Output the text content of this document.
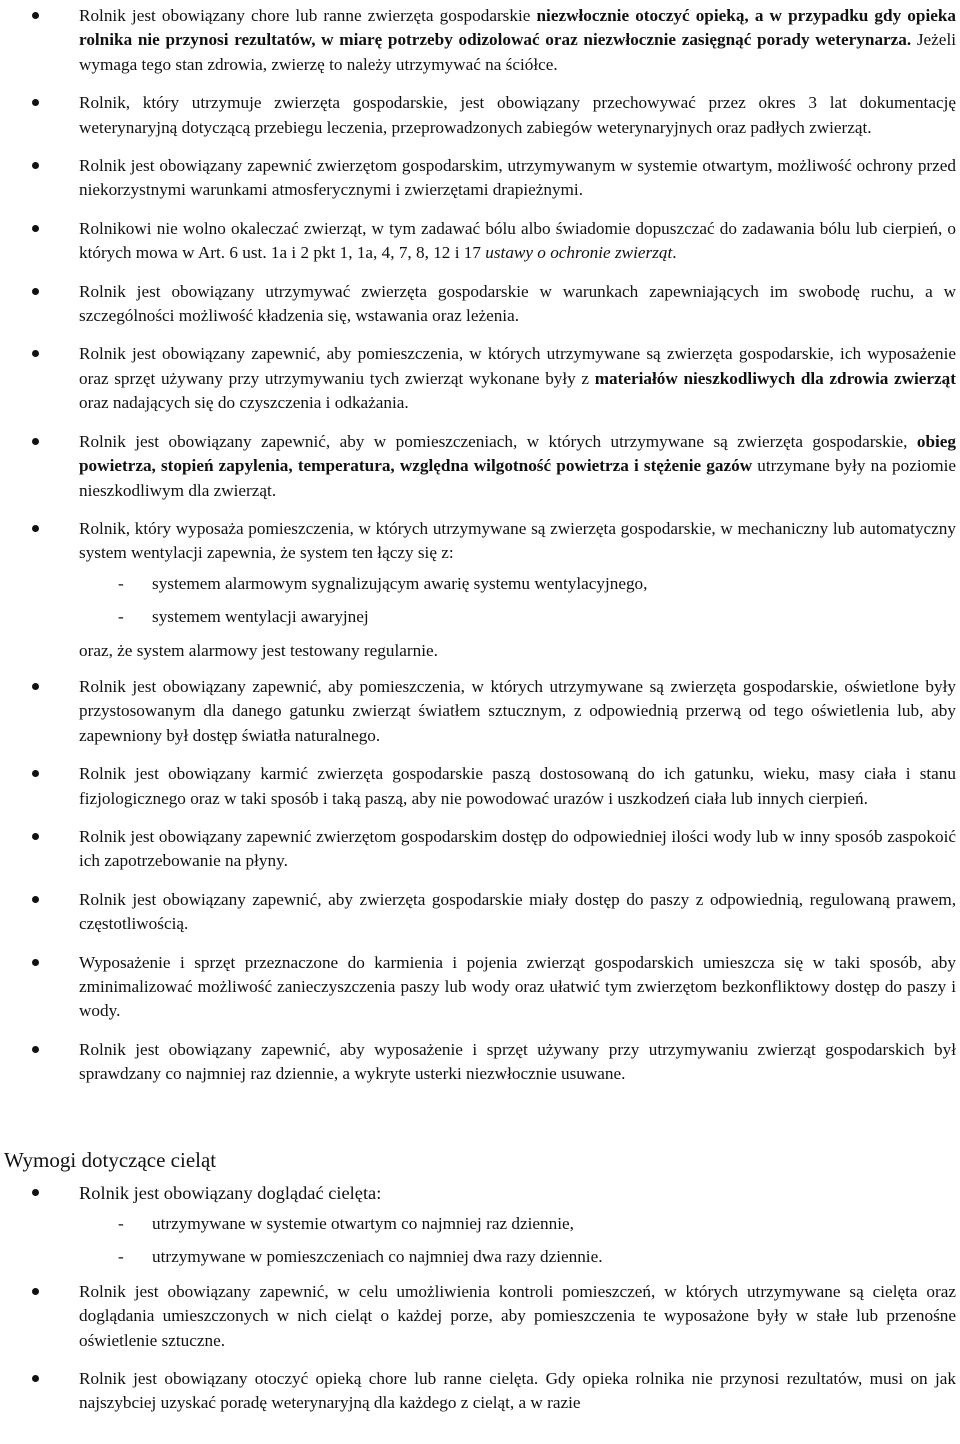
Rolnik jest obowiązany chore lub ranne zwierzęta gospodarskie niezwłocznie otoczyć opieką, a w przypadku gdy opieka rolnika nie przynosi rezultatów, w miarę potrzeby odizolować oraz niezwłocznie zasięgnąć porady weterynarza. Jeżeli wymaga tego stan zdrowia, zwierzę to należy utrzymywać na ściółce.
Rolnik, który utrzymuje zwierzęta gospodarskie, jest obowiązany przechowywać przez okres 3 lat dokumentację weterynaryjną dotyczącą przebiegu leczenia, przeprowadzonych zabiegów weterynaryjnych oraz padłych zwierząt.
Rolnik jest obowiązany zapewnić zwierzętom gospodarskim, utrzymywanym w systemie otwartym, możliwość ochrony przed niekorzystnymi warunkami atmosferycznymi i zwierzętami drapieżnymi.
Rolnikowi nie wolno okaleczać zwierząt, w tym zadawać bólu albo świadomie dopuszczać do zadawania bólu lub cierpień, o których mowa w Art. 6 ust. 1a i 2 pkt 1, 1a, 4, 7, 8, 12 i 17 ustawy o ochronie zwierząt.
Rolnik jest obowiązany utrzymywać zwierzęta gospodarskie w warunkach zapewniających im swobodę ruchu, a w szczególności możliwość kładzenia się, wstawania oraz leżenia.
Rolnik jest obowiązany zapewnić, aby pomieszczenia, w których utrzymywane są zwierzęta gospodarskie, ich wyposażenie oraz sprzęt używany przy utrzymywaniu tych zwierząt wykonane były z materiałów nieszkodliwych dla zdrowia zwierząt oraz nadających się do czyszczenia i odkażania.
Rolnik jest obowiązany zapewnić, aby w pomieszczeniach, w których utrzymywane są zwierzęta gospodarskie, obieg powietrza, stopień zapylenia, temperatura, względna wilgotność powietrza i stężenie gazów utrzymane były na poziomie nieszkodliwym dla zwierząt.
Rolnik, który wyposaża pomieszczenia, w których utrzymywane są zwierzęta gospodarskie, w mechaniczny lub automatyczny system wentylacji zapewnia, że system ten łączy się z:
- systemem alarmowym sygnalizującym awarię systemu wentylacyjnego,
- systemem wentylacji awaryjnej
oraz, że system alarmowy jest testowany regularnie.
Rolnik jest obowiązany zapewnić, aby pomieszczenia, w których utrzymywane są zwierzęta gospodarskie, oświetlone były przystosowanym dla danego gatunku zwierząt światłem sztucznym, z odpowiednią przerwą od tego oświetlenia lub, aby zapewniony był dostęp światła naturalnego.
Rolnik jest obowiązany karmić zwierzęta gospodarskie paszą dostosowaną do ich gatunku, wieku, masy ciała i stanu fizjologicznego oraz w taki sposób i taką paszą, aby nie powodować urazów i uszkodzeń ciała lub innych cierpień.
Rolnik jest obowiązany zapewnić zwierzętom gospodarskim dostęp do odpowiedniej ilości wody lub w inny sposób zaspokoić ich zapotrzebowanie na płyny.
Rolnik jest obowiązany zapewnić, aby zwierzęta gospodarskie miały dostęp do paszy z odpowiednią, regulowaną prawem, częstotliwością.
Wyposażenie i sprzęt przeznaczone do karmienia i pojenia zwierząt gospodarskich umieszcza się w taki sposób, aby zminimalizować możliwość zanieczyszczenia paszy lub wody oraz ułatwić tym zwierzętom bezkonfliktowy dostęp do paszy i wody.
Rolnik jest obowiązany zapewnić, aby wyposażenie i sprzęt używany przy utrzymywaniu zwierząt gospodarskich był sprawdzany co najmniej raz dziennie, a wykryte usterki niezwłocznie usuwane.
Wymogi dotyczące cieląt
Rolnik jest obowiązany doglądać cielęta:
- utrzymywane w systemie otwartym co najmniej raz dziennie,
- utrzymywane w pomieszczeniach co najmniej dwa razy dziennie.
Rolnik jest obowiązany zapewnić, w celu umożliwienia kontroli pomieszczeń, w których utrzymywane są cielęta oraz doglądania umieszczonych w nich cieląt o każdej porze, aby pomieszczenia te wyposażone były w stałe lub przenośne oświetlenie sztuczne.
Rolnik jest obowiązany otoczyć opieką chore lub ranne cielęta. Gdy opieka rolnika nie przynosi rezultatów, musi on jak najszybciej uzyskać poradę weterynaryjną dla każdego z cieląt, a w razie
